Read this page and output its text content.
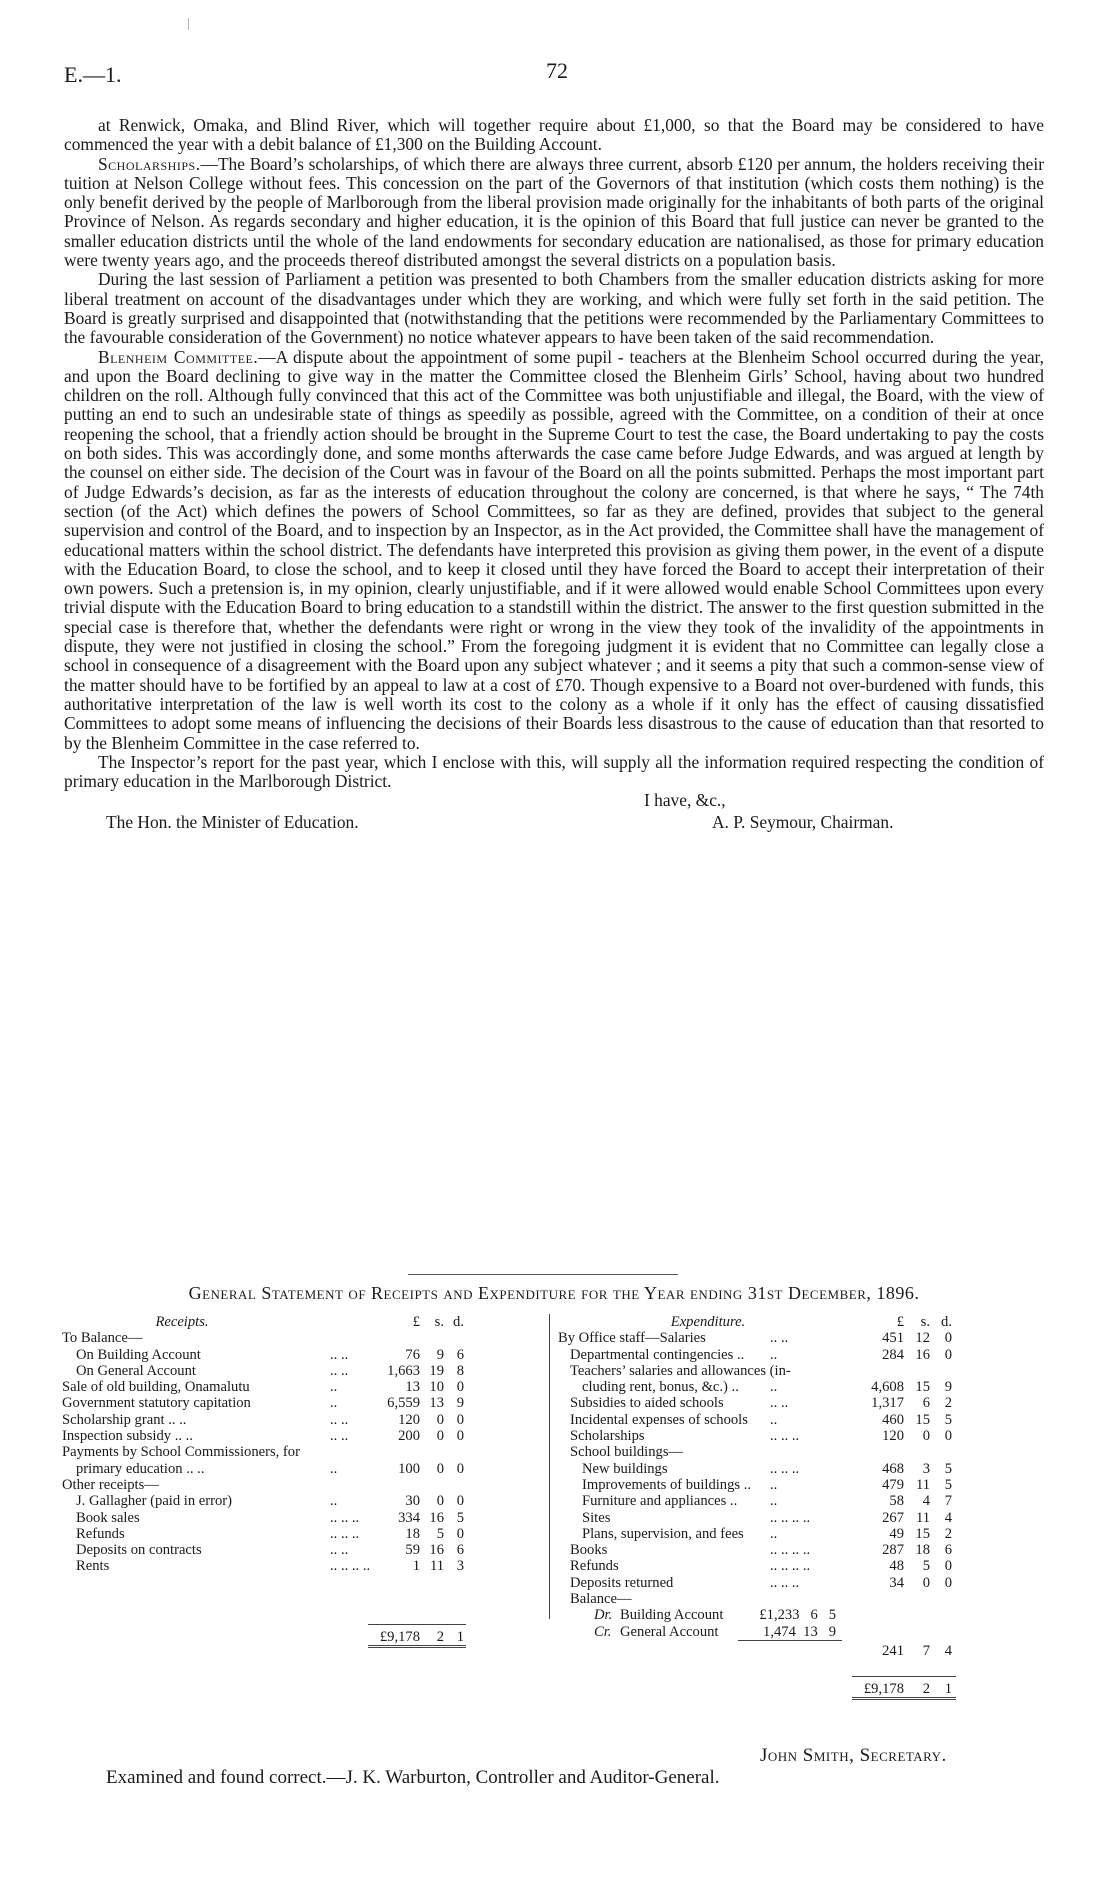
E.—1.	72

at Renwick, Omaka, and Blind River, which will together require about £1,000, so that the Board may be considered to have commenced the year with a debit balance of £1,300 on the Building Account.

Scholarships.—The Board’s scholarships, of which there are always three current, absorb £120 per annum, the holders receiving their tuition at Nelson College without fees. This concession on the part of the Governors of that institution (which costs them nothing) is the only benefit derived by the people of Marlborough from the liberal provision made originally for the inhabitants of both parts of the original Province of Nelson. As regards secondary and higher education, it is the opinion of this Board that full justice can never be granted to the smaller education districts until the whole of the land endowments for secondary education are nationalised, as those for primary education were twenty years ago, and the proceeds thereof distributed amongst the several districts on a population basis.

During the last session of Parliament a petition was presented to both Chambers from the smaller education districts asking for more liberal treatment on account of the disadvantages under which they are working, and which were fully set forth in the said petition. The Board is greatly surprised and disappointed that (notwithstanding that the petitions were recommended by the Parliamentary Committees to the favourable consideration of the Government) no notice whatever appears to have been taken of the said recommendation.

Blenheim Committee.—A dispute about the appointment of some pupil - teachers at the Blenheim School occurred during the year, and upon the Board declining to give way in the matter the Committee closed the Blenheim Girls’ School, having about two hundred children on the roll. Although fully convinced that this act of the Committee was both unjustifiable and illegal, the Board, with the view of putting an end to such an undesirable state of things as speedily as possible, agreed with the Committee, on a condition of their at once reopening the school, that a friendly action should be brought in the Supreme Court to test the case, the Board undertaking to pay the costs on both sides. This was accordingly done, and some months afterwards the case came before Judge Edwards, and was argued at length by the counsel on either side. The decision of the Court was in favour of the Board on all the points submitted. Perhaps the most important part of Judge Edwards’s decision, as far as the interests of education throughout the colony are concerned, is that where he says, “ The 74th section (of the Act) which defines the powers of School Committees, so far as they are defined, provides that subject to the general supervision and control of the Board, and to inspection by an Inspector, as in the Act provided, the Committee shall have the management of educational matters within the school district. The defendants have interpreted this provision as giving them power, in the event of a dispute with the Education Board, to close the school, and to keep it closed until they have forced the Board to accept their interpretation of their own powers. Such a pretension is, in my opinion, clearly unjustifiable, and if it were allowed would enable School Committees upon every trivial dispute with the Education Board to bring education to a standstill within the district. The answer to the first question submitted in the special case is therefore that, whether the defendants were right or wrong in the view they took of the invalidity of the appointments in dispute, they were not justified in closing the school.” From the foregoing judgment it is evident that no Committee can legally close a school in consequence of a disagreement with the Board upon any subject whatever ; and it seems a pity that such a common-sense view of the matter should have to be fortified by an appeal to law at a cost of £70. Though expensive to a Board not over-burdened with funds, this authoritative interpretation of the law is well worth its cost to the colony as a whole if it only has the effect of causing dissatisfied Committees to adopt some means of influencing the decisions of their Boards less disastrous to the cause of education than that resorted to by the Blenheim Committee in the case referred to.

The Inspector’s report for the past year, which I enclose with this, will supply all the information required respecting the condition of primary education in the Marlborough District.

I have, &c.,
The Hon. the Minister of Education.	A. P. Seymour, Chairman.
General Statement of Receipts and Expenditure for the Year ending 31st December, 1896.
Receipts.	£	s. d.
To Balance—
On Building Account	.. ..	76	9 6
On General Account	.. ..	1,663 19 8
Sale of old building, Onamalutu	..	13 10 0
Government statutory capitation	..	6,559 13 9
Scholarship grant .. ..	.. ..	120	0 0
Inspection subsidy .. ..	.. ..	200	0 0
Payments by School Commissioners, for
primary education .. ..	..	100	0 0
Other receipts—
J. Gallagher (paid in error)	..	30	0 0
Book sales	.. .. ..	334 16 5
Refunds	.. .. ..	18	5 0
Deposits on contracts	.. ..	59 16 6
Rents	.. .. .. ..	1 11 3
£9,178	2 1
Expenditure.	£	s. d.
By Office staff—Salaries	.. ..	451 12	0
Departmental contingencies .. ..	284 16	0
Teachers’ salaries and allowances (in-
cluding rent, bonus, &c.) .. ..	4,608 15	9
Subsidies to aided schools	.. ..	1,317	6	2
Incidental expenses of schools ..	460 15	5
Scholarships	.. .. ..	120	0	0
School buildings—
New buildings	.. .. ..	468	3	5
Improvements of buildings .. ..	479 11	5
Furniture and appliances .. ..	58	4	7
Sites	.. .. .. ..	267 11	4
Plans, supervision, and fees ..	49 15	2
Books	.. .. .. ..	287 18	6
Refunds	.. .. .. ..	48	5	0
Deposits returned	.. .. ..	34	0	0
Balance—
Dr. Building Account	£1,233   6   5
Cr. General Account	1,474  13   9
241	7	4
£9,178	2	1
John Smith, Secretary.
Examined and found correct.—J. K. Warburton, Controller and Auditor-General.
